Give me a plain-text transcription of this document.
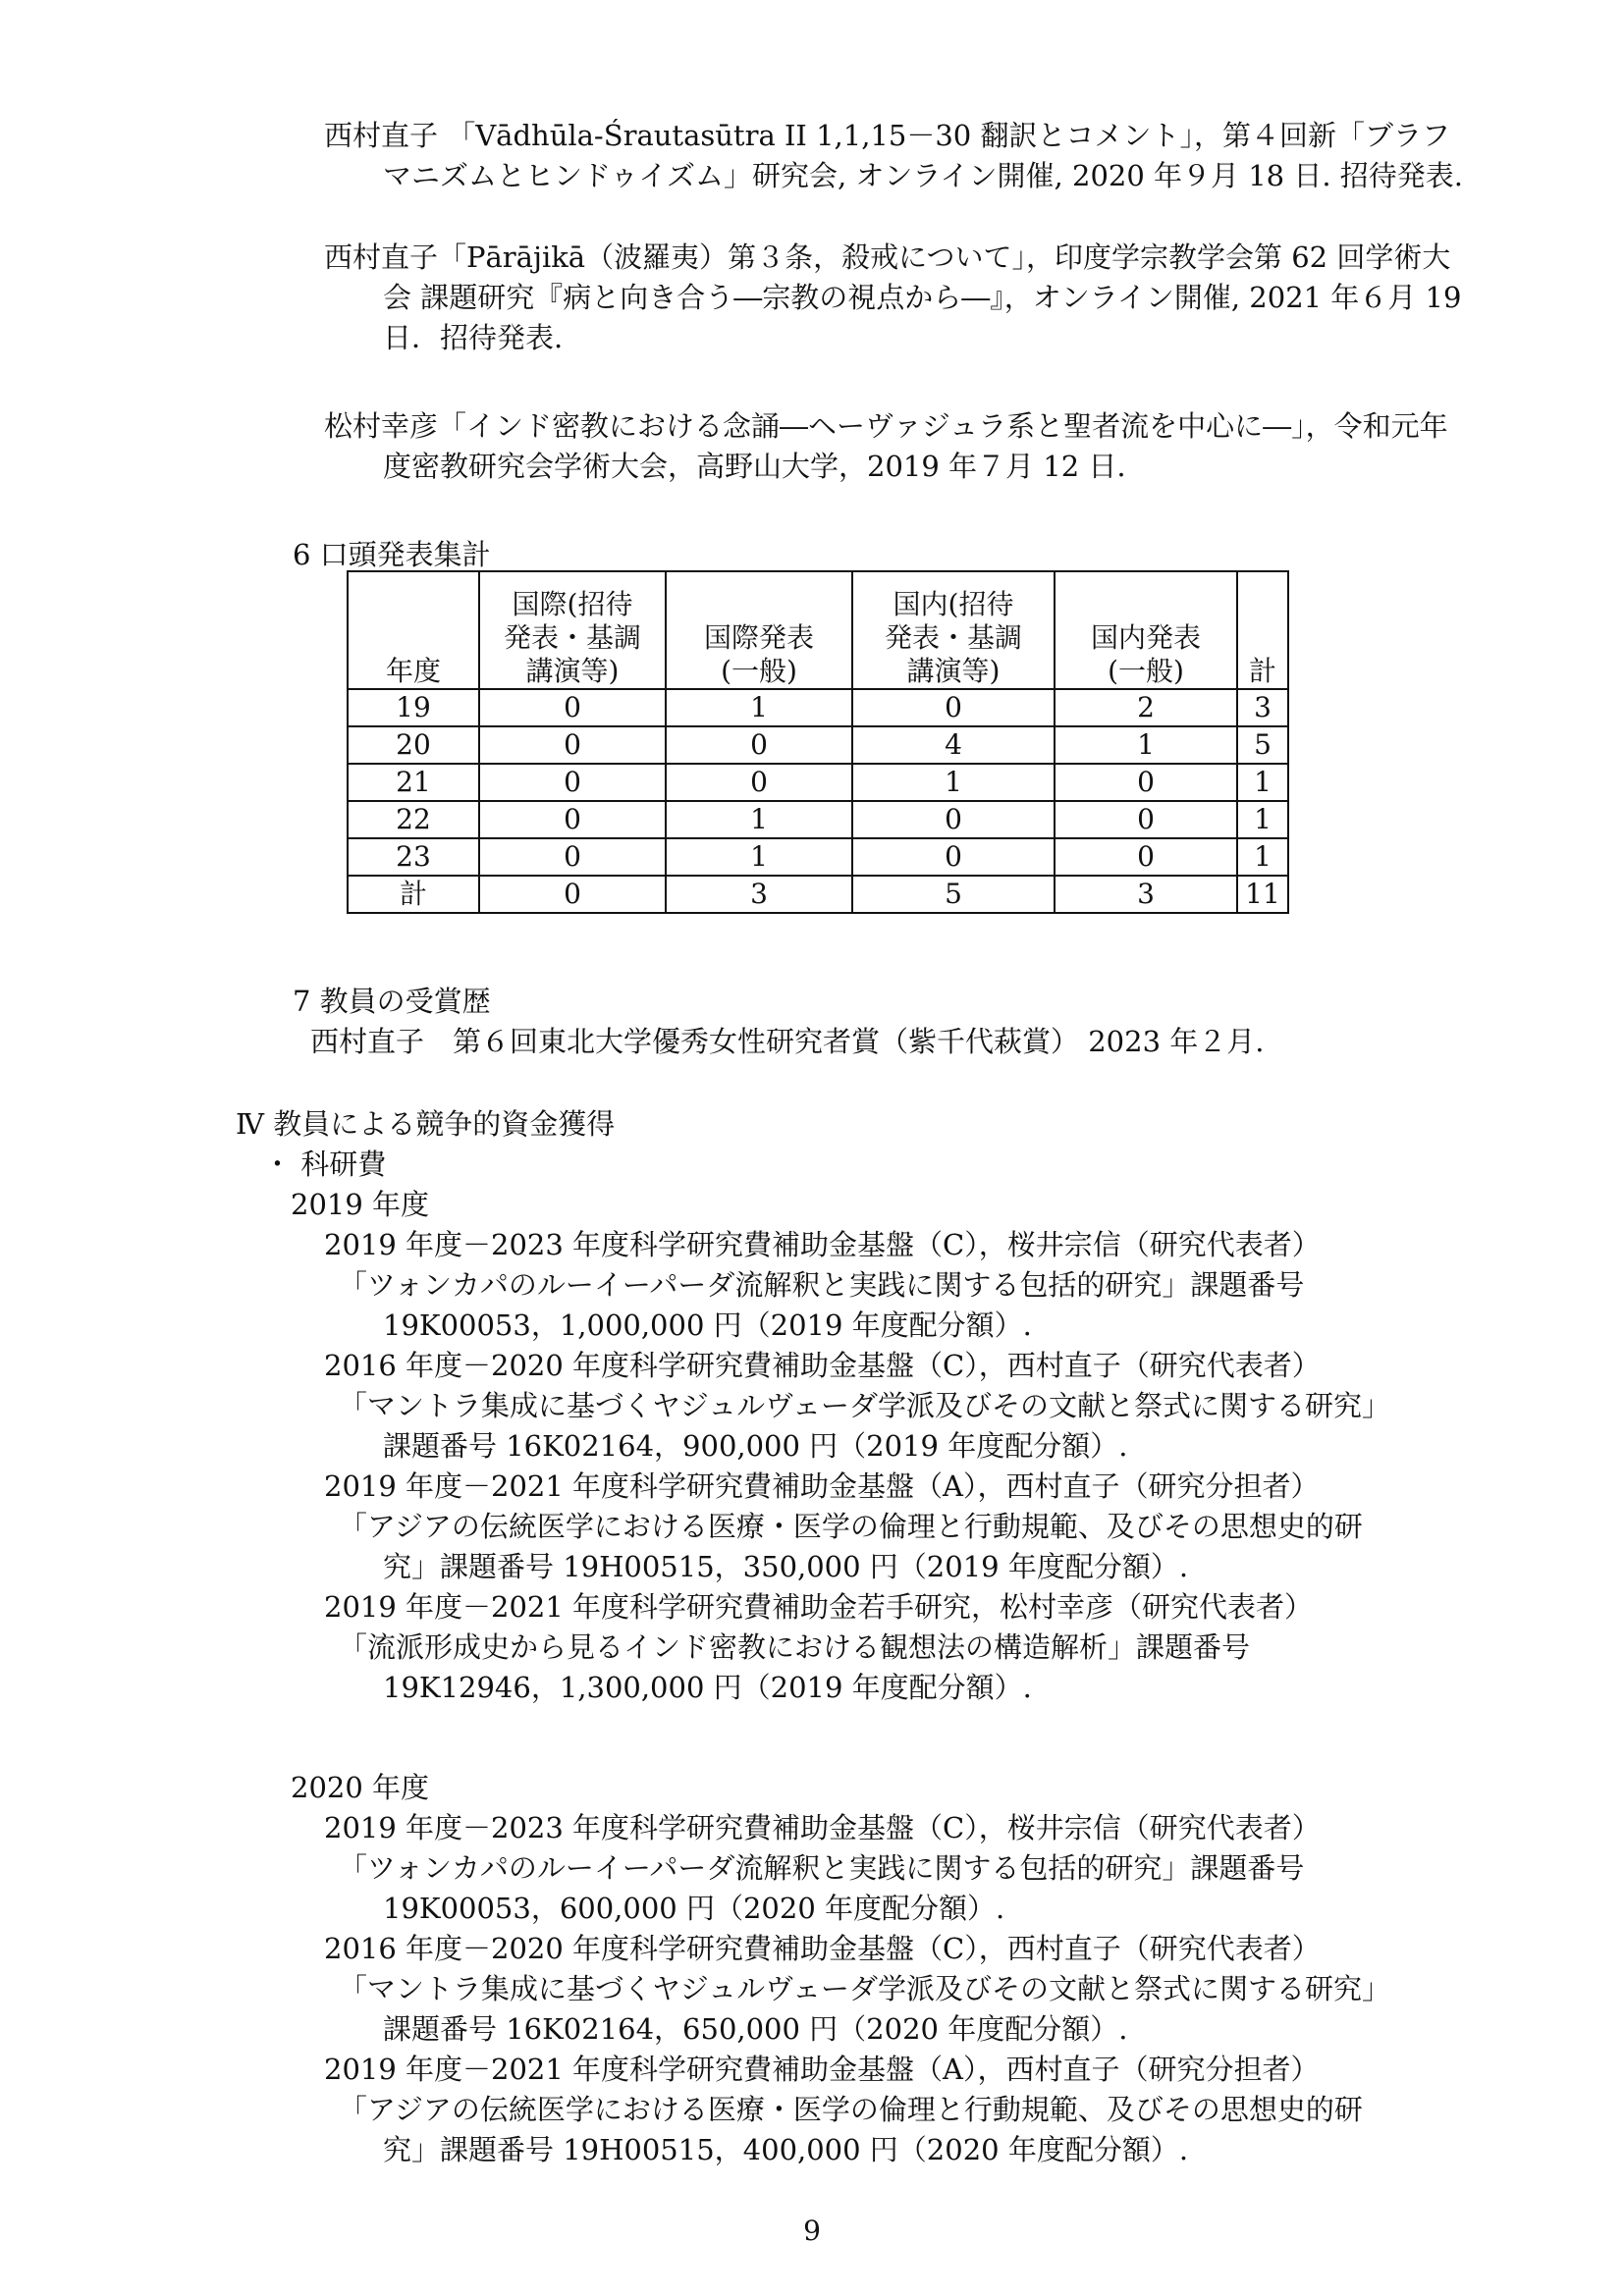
西村直子 「Vādhūla-Śrautasūtra II 1,1,15－30 翻訳とコメント」，第４回新「ブラフマニズムとヒンドゥイズム」研究会, オンライン開催, 2020 年９月 18 日. 招待発表.

西村直子「Pārājikā（波羅夷）第３条，殺戒について」，印度学宗教学会第 62 回学術大会 課題研究『病と向き合う―宗教の視点から―』，オンライン開催, 2021 年６月 19 日．招待発表.

松村幸彦「インド密教における念誦―ヘーヴァジュラ系と聖者流を中心に―」，令和元年度密教研究会学術大会，高野山大学，2019 年７月 12 日.

6 口頭発表集計

年度	国際(招待
発表・基調
講演等)	国際発表
(一般)	国内(招待
発表・基調
講演等)	国内発表
(一般)	計
19	0	1	0	2	3
20	0	0	4	1	5
21	0	0	1	0	1
22	0	1	0	0	1
23	0	1	0	0	1
計	0	3	5	3	11

7 教員の受賞歴

西村直子　第６回東北大学優秀女性研究者賞（紫千代萩賞） 2023 年２月.

Ⅳ 教員による競争的資金獲得

・ 科研費

2019 年度

2019 年度－2023 年度科学研究費補助金基盤（C），桜井宗信（研究代表者）
「ツォンカパのルーイーパーダ流解釈と実践に関する包括的研究」課題番号 19K00053，1,000,000 円（2019 年度配分額）.

2016 年度－2020 年度科学研究費補助金基盤（C），西村直子（研究代表者）
「マントラ集成に基づくヤジュルヴェーダ学派及びその文献と祭式に関する研究」課題番号 16K02164，900,000 円（2019 年度配分額）.

2019 年度－2021 年度科学研究費補助金基盤（A），西村直子（研究分担者）
「アジアの伝統医学における医療・医学の倫理と行動規範、及びその思想史的研究」課題番号 19H00515，350,000 円（2019 年度配分額）.

2019 年度－2021 年度科学研究費補助金若手研究，松村幸彦（研究代表者）
「流派形成史から見るインド密教における観想法の構造解析」課題番号 19K12946，1,300,000 円（2019 年度配分額）.

2020 年度

2019 年度－2023 年度科学研究費補助金基盤（C），桜井宗信（研究代表者）
「ツォンカパのルーイーパーダ流解釈と実践に関する包括的研究」課題番号 19K00053，600,000 円（2020 年度配分額）.

2016 年度－2020 年度科学研究費補助金基盤（C），西村直子（研究代表者）
「マントラ集成に基づくヤジュルヴェーダ学派及びその文献と祭式に関する研究」課題番号 16K02164，650,000 円（2020 年度配分額）.

2019 年度－2021 年度科学研究費補助金基盤（A），西村直子（研究分担者）
「アジアの伝統医学における医療・医学の倫理と行動規範、及びその思想史的研究」課題番号 19H00515，400,000 円（2020 年度配分額）.

9
